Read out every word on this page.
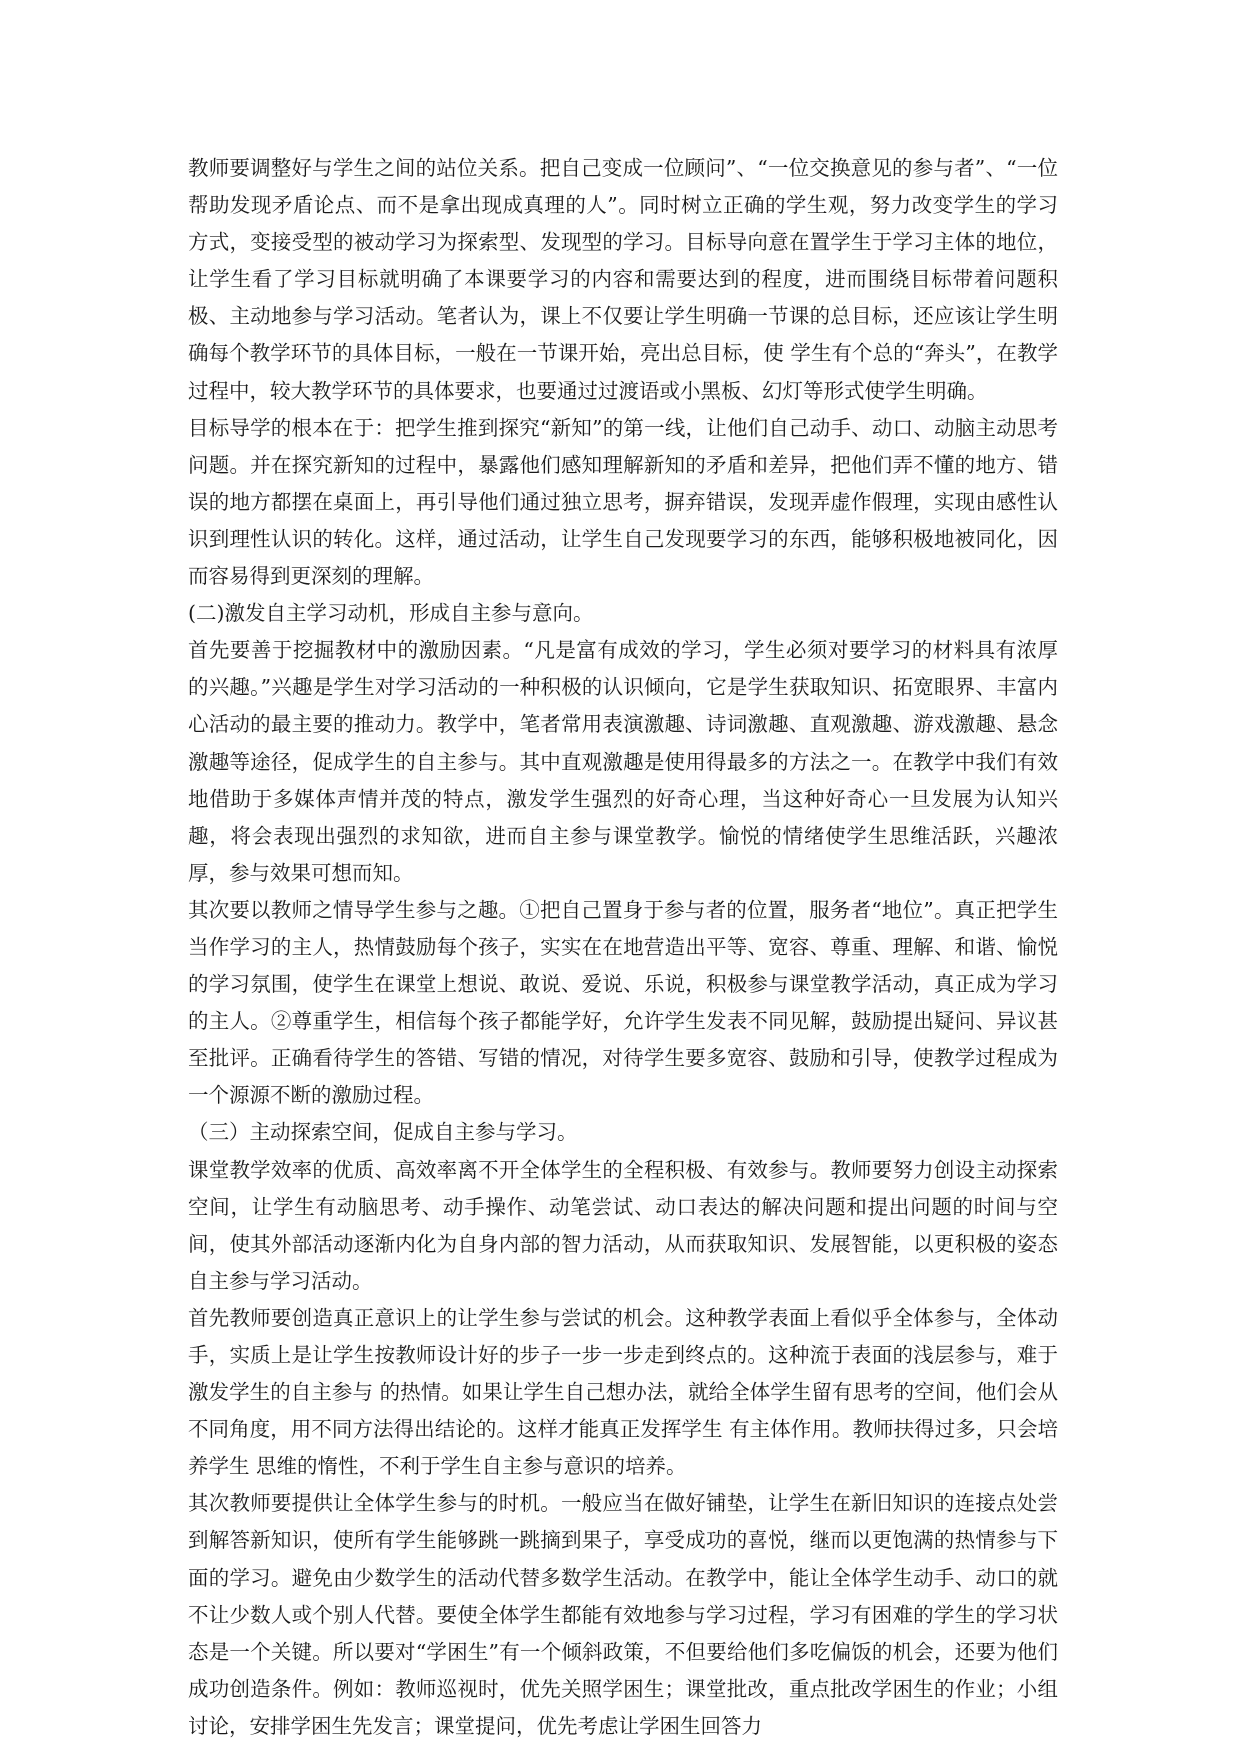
教师要调整好与学生之间的站位关系。把自己变成一位顾问”、“一位交换意见的参与者”、“一位帮助发现矛盾论点、而不是拿出现成真理的人”。同时树立正确的学生观，努力改变学生的学习方式，变接受型的被动学习为探索型、发现型的学习。目标导向意在置学生于学习主体的地位，让学生看了学习目标就明确了本课要学习的内容和需要达到的程度，进而围绕目标带着问题积极、主动地参与学习活动。笔者认为，课上不仅要让学生明确一节课的总目标，还应该让学生明确每个教学环节的具体目标，一般在一节课开始，亮出总目标，使 学生有个总的“奔头”，在教学过程中，较大教学环节的具体要求，也要通过过渡语或小黑板、幻灯等形式使学生明确。

目标导学的根本在于：把学生推到探究“新知”的第一线，让他们自己动手、动口、动脑主动思考问题。并在探究新知的过程中，暴露他们感知理解新知的矛盾和差异，把他们弄不懂的地方、错误的地方都摆在桌面上，再引导他们通过独立思考，摒弃错误，发现弄虚作假理，实现由感性认识到理性认识的转化。这样，通过活动，让学生自己发现要学习的东西，能够积极地被同化，因而容易得到更深刻的理解。

(二)激发自主学习动机，形成自主参与意向。

首先要善于挖掘教材中的激励因素。“凡是富有成效的学习，学生必须对要学习的材料具有浓厚的兴趣。”兴趣是学生对学习活动的一种积极的认识倾向，它是学生获取知识、拓宽眼界、丰富内心活动的最主要的推动力。教学中，笔者常用表演激趣、诗词激趣、直观激趣、游戏激趣、悬念激趣等途径，促成学生的自主参与。其中直观激趣是使用得最多的方法之一。在教学中我们有效地借助于多媒体声情并茂的特点，激发学生强烈的好奇心理，当这种好奇心一旦发展为认知兴趣，将会表现出强烈的求知欲，进而自主参与课堂教学。愉悦的情绪使学生思维活跃，兴趣浓厚，参与效果可想而知。

其次要以教师之情导学生参与之趣。①把自己置身于参与者的位置，服务者“地位”。真正把学生当作学习的主人，热情鼓励每个孩子，实实在在地营造出平等、宽容、尊重、理解、和谐、愉悦的学习氛围，使学生在课堂上想说、敢说、爱说、乐说，积极参与课堂教学活动，真正成为学习的主人。②尊重学生，相信每个孩子都能学好，允许学生发表不同见解，鼓励提出疑问、异议甚至批评。正确看待学生的答错、写错的情况，对待学生要多宽容、鼓励和引导，使教学过程成为一个源源不断的激励过程。

（三）主动探索空间，促成自主参与学习。

课堂教学效率的优质、高效率离不开全体学生的全程积极、有效参与。教师要努力创设主动探索空间，让学生有动脑思考、动手操作、动笔尝试、动口表达的解决问题和提出问题的时间与空间，使其外部活动逐渐内化为自身内部的智力活动，从而获取知识、发展智能，以更积极的姿态自主参与学习活动。

首先教师要创造真正意识上的让学生参与尝试的机会。这种教学表面上看似乎全体参与，全体动手，实质上是让学生按教师设计好的步子一步一步走到终点的。这种流于表面的浅层参与，难于激发学生的自主参与 的热情。如果让学生自己想办法，就给全体学生留有思考的空间，他们会从不同角度，用不同方法得出结论的。这样才能真正发挥学生 有主体作用。教师扶得过多，只会培养学生 思维的惰性，不利于学生自主参与意识的培养。

其次教师要提供让全体学生参与的时机。一般应当在做好铺垫，让学生在新旧知识的连接点处尝到解答新知识，使所有学生能够跳一跳摘到果子，享受成功的喜悦，继而以更饱满的热情参与下面的学习。避免由少数学生的活动代替多数学生活动。在教学中，能让全体学生动手、动口的就不让少数人或个别人代替。要使全体学生都能有效地参与学习过程，学习有困难的学生的学习状态是一个关键。所以要对“学困生”有一个倾斜政策，不但要给他们多吃偏饭的机会，还要为他们成功创造条件。例如：教师巡视时，优先关照学困生；课堂批改，重点批改学困生的作业；小组讨论，安排学困生先发言；课堂提问，优先考虑让学困生回答力
